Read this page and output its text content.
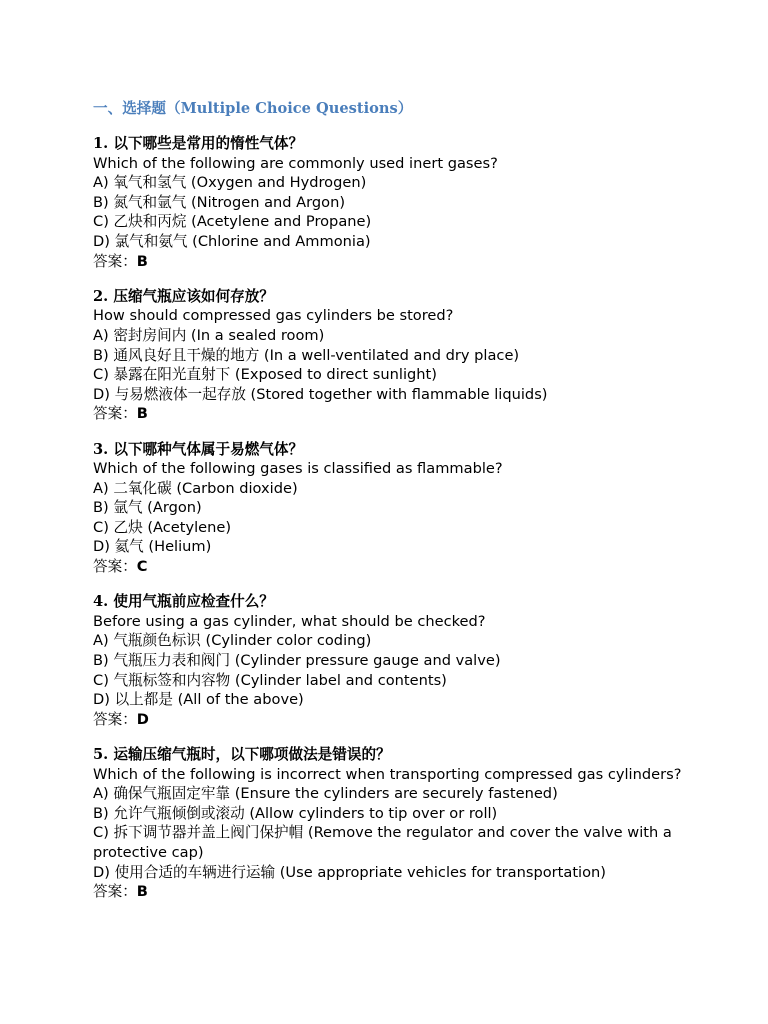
一、选择题（Multiple Choice Questions）
1. 以下哪些是常用的惰性气体？
Which of the following are commonly used inert gases?
A) 氧气和氢气 (Oxygen and Hydrogen)
B) 氮气和氩气 (Nitrogen and Argon)
C) 乙炔和丙烷 (Acetylene and Propane)
D) 氯气和氨气 (Chlorine and Ammonia)
答案：B
2. 压缩气瓶应该如何存放？
How should compressed gas cylinders be stored?
A) 密封房间内 (In a sealed room)
B) 通风良好且干燥的地方 (In a well-ventilated and dry place)
C) 暴露在阳光直射下 (Exposed to direct sunlight)
D) 与易燃液体一起存放 (Stored together with flammable liquids)
答案：B
3. 以下哪种气体属于易燃气体？
Which of the following gases is classified as flammable?
A) 二氧化碳 (Carbon dioxide)
B) 氩气 (Argon)
C) 乙炔 (Acetylene)
D) 氦气 (Helium)
答案：C
4. 使用气瓶前应检查什么？
Before using a gas cylinder, what should be checked?
A) 气瓶颜色标识 (Cylinder color coding)
B) 气瓶压力表和阀门 (Cylinder pressure gauge and valve)
C) 气瓶标签和内容物 (Cylinder label and contents)
D) 以上都是 (All of the above)
答案：D
5. 运输压缩气瓶时，以下哪项做法是错误的？
Which of the following is incorrect when transporting compressed gas cylinders?
A) 确保气瓶固定牢靠 (Ensure the cylinders are securely fastened)
B) 允许气瓶倾倒或滚动 (Allow cylinders to tip over or roll)
C) 拆下调节器并盖上阀门保护帽 (Remove the regulator and cover the valve with a protective cap)
D) 使用合适的车辆进行运输 (Use appropriate vehicles for transportation)
答案：B
